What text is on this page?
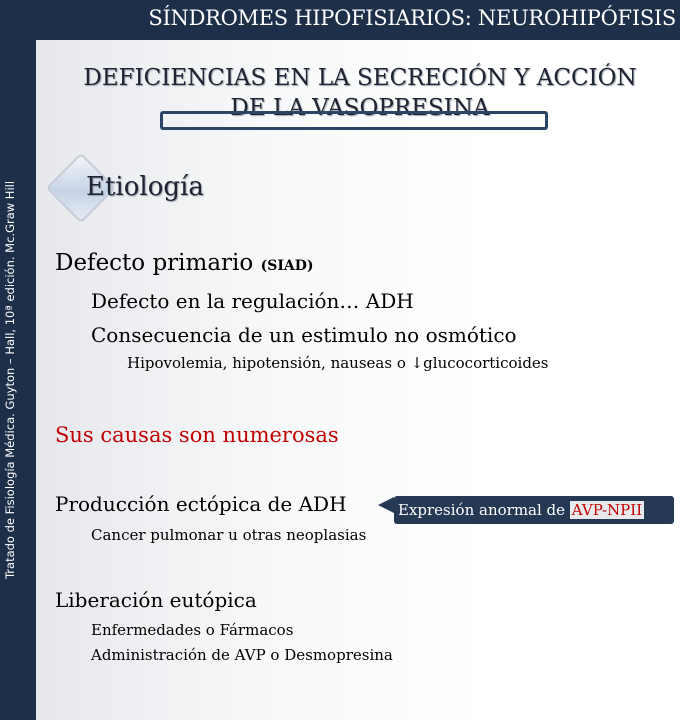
SÍNDROMES HIPOFISIARIOS: NEUROHIPÓFISIS
Tratado de Fisiología Médica. Guyton – Hall, 10ª edición. Mc.Graw Hill
DEFICIENCIAS EN LA SECRECIÓN Y ACCIÓN
DE LA VASOPRESINA
Etiología
Defecto primario (SIAD)
Defecto en la regulación… ADH
Consecuencia de un estimulo no osmótico
Hipovolemia, hipotensión, nauseas o ↓glucocorticoides
Sus causas son numerosas
Producción ectópica de ADH
Cancer pulmonar u otras neoplasias
Expresión anormal de AVP-NPII
Liberación eutópica
Enfermedades o Fármacos
Administración de AVP o Desmopresina
